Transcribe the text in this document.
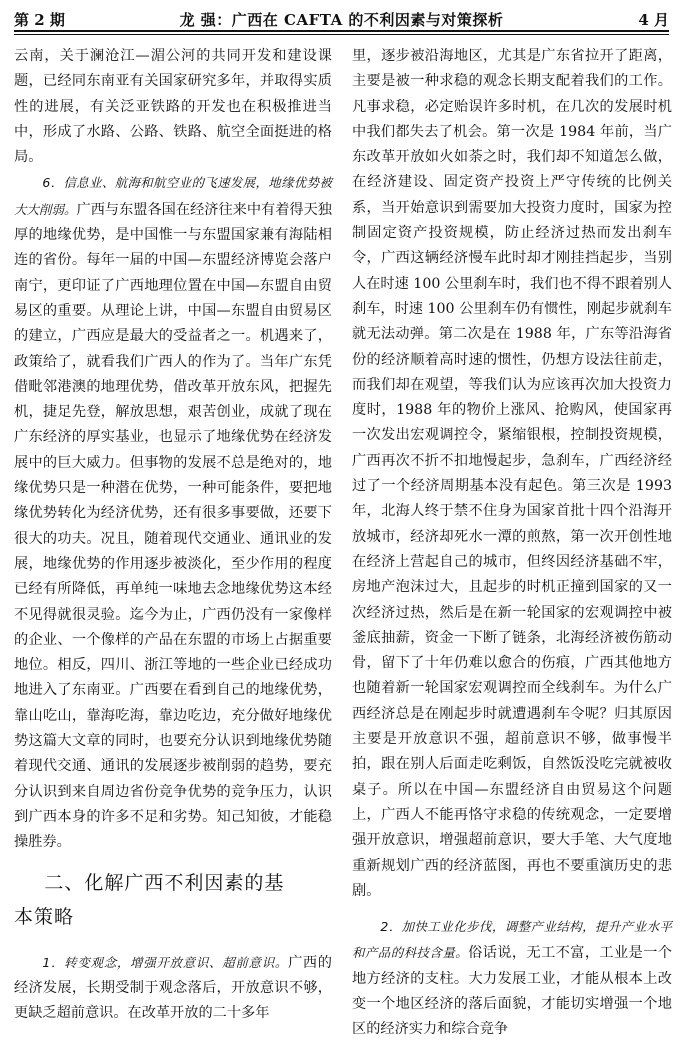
第 2 期	龙 强：广西在 CAFTA 的不利因素与对策探析	4 月

云南，关于澜沧江—湄公河的共同开发和建设课题，已经同东南亚有关国家研究多年，并取得实质性的进展，有关泛亚铁路的开发也在积极推进当中，形成了水路、公路、铁路、航空全面挺进的格局。

6．信息业、航海和航空业的飞速发展，地缘优势被大大削弱。广西与东盟各国在经济往来中有着得天独厚的地缘优势，是中国惟一与东盟国家兼有海陆相连的省份。每年一届的中国—东盟经济博览会落户南宁，更印证了广西地理位置在中国—东盟自由贸易区的重要。从理论上讲，中国—东盟自由贸易区的建立，广西应是最大的受益者之一。机遇来了，政策给了，就看我们广西人的作为了。当年广东凭借毗邻港澳的地理优势，借改革开放东风，把握先机，捷足先登，解放思想，艰苦创业，成就了现在广东经济的厚实基业，也显示了地缘优势在经济发展中的巨大威力。但事物的发展不总是绝对的，地缘优势只是一种潜在优势，一种可能条件，要把地缘优势转化为经济优势，还有很多事要做，还要下很大的功夫。况且，随着现代交通业、通讯业的发展，地缘优势的作用逐步被淡化，至少作用的程度已经有所降低，再单纯一味地去念地缘优势这本经不见得就很灵验。迄今为止，广西仍没有一家像样的企业、一个像样的产品在东盟的市场上占据重要地位。相反，四川、浙江等地的一些企业已经成功地进入了东南亚。广西要在看到自己的地缘优势，靠山吃山，靠海吃海，靠边吃边，充分做好地缘优势这篇大文章的同时，也要充分认识到地缘优势随着现代交通、通讯的发展逐步被削弱的趋势，要充分认识到来自周边省份竞争优势的竞争压力，认识到广西本身的许多不足和劣势。知己知彼，才能稳操胜券。

二、化解广西不利因素的基
本策略

1．转变观念，增强开放意识、超前意识。广西的经济发展，长期受制于观念落后，开放意识不够，更缺乏超前意识。在改革开放的二十多年

里，逐步被沿海地区，尤其是广东省拉开了距离，主要是被一种求稳的观念长期支配着我们的工作。凡事求稳，必定贻误许多时机，在几次的发展时机中我们都失去了机会。第一次是 1984 年前，当广东改革开放如火如荼之时，我们却不知道怎么做，在经济建设、固定资产投资上严守传统的比例关系，当开始意识到需要加大投资力度时，国家为控制固定资产投资规模，防止经济过热而发出刹车令，广西这辆经济慢车此时却才刚挂挡起步，当别人在时速 100 公里刹车时，我们也不得不跟着别人刹车，时速 100 公里刹车仍有惯性，刚起步就刹车就无法动弹。第二次是在 1988 年，广东等沿海省份的经济顺着高时速的惯性，仍想方设法往前走，而我们却在观望，等我们认为应该再次加大投资力度时，1988 年的物价上涨风、抢购风，使国家再一次发出宏观调控令，紧缩银根，控制投资规模，广西再次不折不扣地慢起步，急刹车，广西经济经过了一个经济周期基本没有起色。第三次是 1993 年，北海人终于禁不住身为国家首批十四个沿海开放城市，经济却死水一潭的煎熬，第一次开创性地在经济上营起自己的城市，但终因经济基础不牢，房地产泡沫过大，且起步的时机正撞到国家的又一次经济过热，然后是在新一轮国家的宏观调控中被釜底抽薪，资金一下断了链条，北海经济被伤筋动骨，留下了十年仍难以愈合的伤痕，广西其他地方也随着新一轮国家宏观调控而全线刹车。为什么广西经济总是在刚起步时就遭遇刹车令呢？归其原因主要是开放意识不强，超前意识不够，做事慢半拍，跟在别人后面走吃剩饭，自然饭没吃完就被收桌子。所以在中国—东盟经济自由贸易这个问题上，广西人不能再恪守求稳的传统观念，一定要增强开放意识，增强超前意识，要大手笔、大气度地重新规划广西的经济蓝图，再也不要重演历史的悲剧。

2．加快工业化步伐，调整产业结构，提升产业水平和产品的科技含量。俗话说，无工不富，工业是一个地方经济的支柱。大力发展工业，才能从根本上改变一个地区经济的落后面貌，才能切实增强一个地区的经济实力和综合竞争
